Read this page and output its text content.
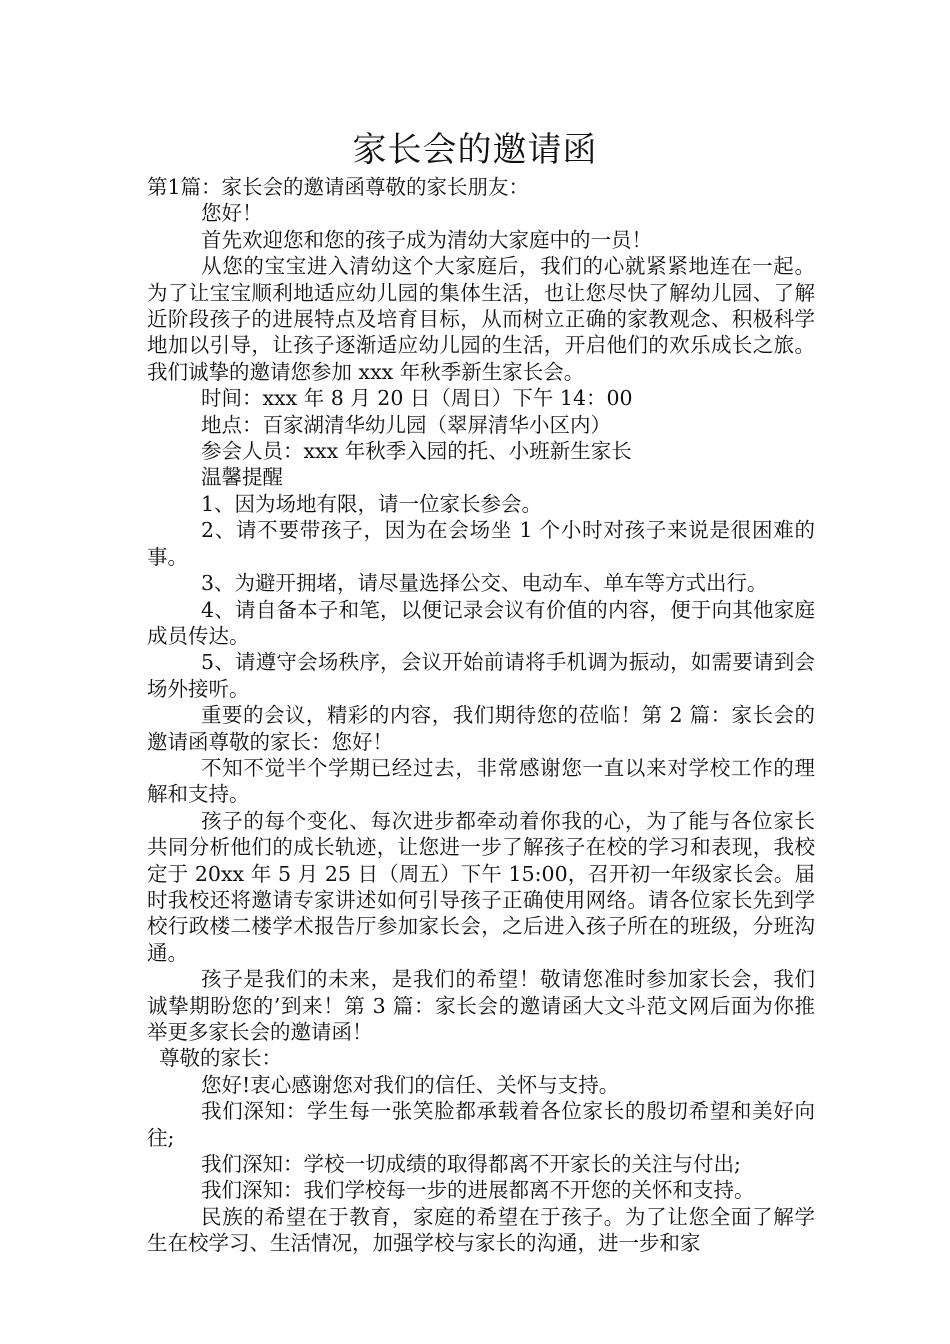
家长会的邀请函

第1篇：家长会的邀请函尊敬的家长朋友：

您好！

首先欢迎您和您的孩子成为清幼大家庭中的一员！

从您的宝宝进入清幼这个大家庭后，我们的心就紧紧地连在一起。为了让宝宝顺利地适应幼儿园的集体生活，也让您尽快了解幼儿园、了解近阶段孩子的进展特点及培育目标，从而树立正确的家教观念、积极科学地加以引导，让孩子逐渐适应幼儿园的生活，开启他们的欢乐成长之旅。我们诚挚的邀请您参加 xxx 年秋季新生家长会。

时间：xxx 年 8 月 20 日（周日）下午 14：00

地点：百家湖清华幼儿园（翠屏清华小区内）

参会人员：xxx 年秋季入园的托、小班新生家长

温馨提醒

1、因为场地有限，请一位家长参会。

2、请不要带孩子，因为在会场坐 1 个小时对孩子来说是很困难的事。

3、为避开拥堵，请尽量选择公交、电动车、单车等方式出行。

4、请自备本子和笔，以便记录会议有价值的内容，便于向其他家庭成员传达。

5、请遵守会场秩序，会议开始前请将手机调为振动，如需要请到会场外接听。

重要的会议，精彩的内容，我们期待您的莅临！第 2 篇：家长会的邀请函尊敬的家长：您好！

不知不觉半个学期已经过去，非常感谢您一直以来对学校工作的理解和支持。

孩子的每个变化、每次进步都牵动着你我的心，为了能与各位家长共同分析他们的成长轨迹，让您进一步了解孩子在校的学习和表现，我校定于 20xx 年 5 月 25 日（周五）下午 15:00，召开初一年级家长会。届时我校还将邀请专家讲述如何引导孩子正确使用网络。请各位家长先到学校行政楼二楼学术报告厅参加家长会，之后进入孩子所在的班级，分班沟通。

孩子是我们的未来，是我们的希望！敬请您准时参加家长会，我们诚挚期盼您的’到来！第 3 篇：家长会的邀请函大文斗范文网后面为你推举更多家长会的邀请函！

尊敬的家长：

您好!衷心感谢您对我们的信任、关怀与支持。

我们深知：学生每一张笑脸都承载着各位家长的殷切希望和美好向往;

我们深知：学校一切成绩的取得都离不开家长的关注与付出;

我们深知：我们学校每一步的进展都离不开您的关怀和支持。

民族的希望在于教育，家庭的希望在于孩子。为了让您全面了解学生在校学习、生活情况，加强学校与家长的沟通，进一步和家
